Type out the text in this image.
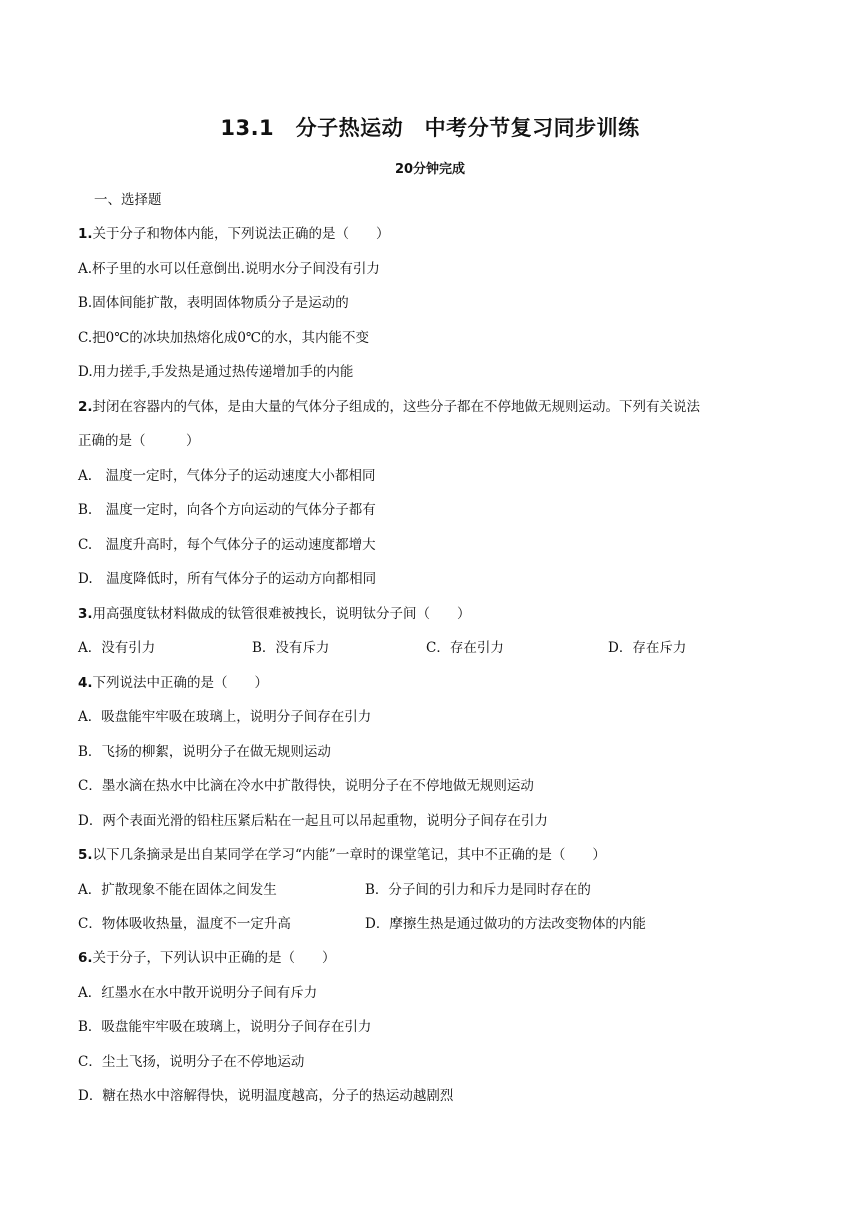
13.1　分子热运动　中考分节复习同步训练
20分钟完成
一、选择题
1.关于分子和物体内能，下列说法正确的是（　　）
A.杯子里的水可以任意倒出.说明水分子间没有引力
B.固体间能扩散，表明固体物质分子是运动的
C.把0℃的冰块加热熔化成0℃的水，其内能不变
D.用力搓手,手发热是通过热传递增加手的内能
2.封闭在容器内的气体，是由大量的气体分子组成的，这些分子都在不停地做无规则运动。下列有关说法
正确的是（　　　）
A.　温度一定时，气体分子的运动速度大小都相同
B.　温度一定时，向各个方向运动的气体分子都有
C.　温度升高时，每个气体分子的运动速度都增大
D.　温度降低时，所有气体分子的运动方向都相同
3.用高强度钛材料做成的钛管很难被拽长，说明钛分子间（　　）
A．没有引力	B．没有斥力	C．存在引力	D．存在斥力
4.下列说法中正确的是（　　）
A．吸盘能牢牢吸在玻璃上，说明分子间存在引力
B．飞扬的柳絮，说明分子在做无规则运动
C．墨水滴在热水中比滴在冷水中扩散得快，说明分子在不停地做无规则运动
D．两个表面光滑的铅柱压紧后粘在一起且可以吊起重物，说明分子间存在引力
5.以下几条摘录是出自某同学在学习“内能”一章时的课堂笔记，其中不正确的是（　　）
A．扩散现象不能在固体之间发生	B．分子间的引力和斥力是同时存在的
C．物体吸收热量，温度不一定升高	D．摩擦生热是通过做功的方法改变物体的内能
6.关于分子，下列认识中正确的是（　　）
A．红墨水在水中散开说明分子间有斥力
B．吸盘能牢牢吸在玻璃上，说明分子间存在引力
C．尘土飞扬，说明分子在不停地运动
D．糖在热水中溶解得快，说明温度越高，分子的热运动越剧烈
